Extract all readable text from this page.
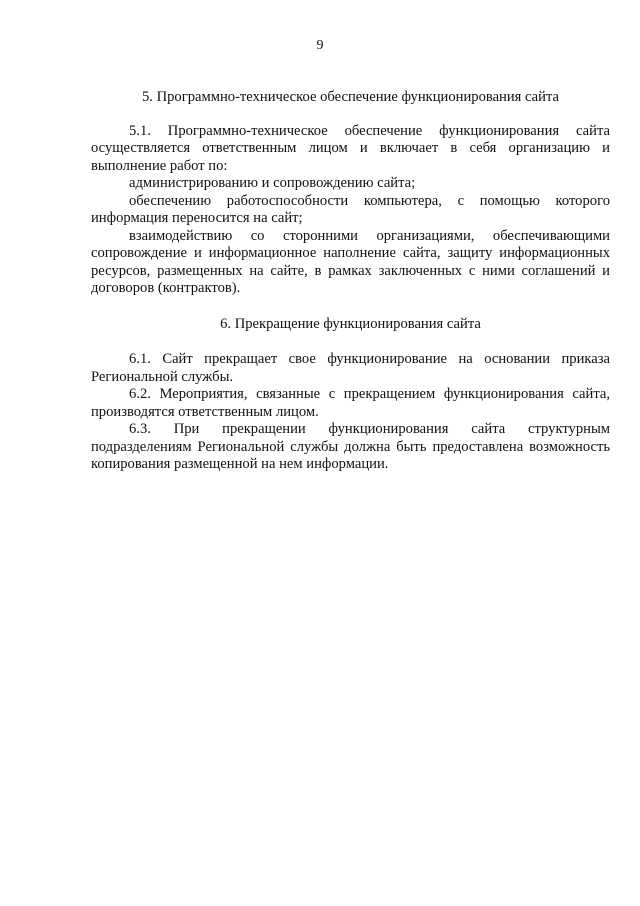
9
5. Программно-техническое обеспечение функционирования сайта

5.1. Программно-техническое обеспечение функционирования сайта осуществляется ответственным лицом и включает в себя организацию и выполнение работ по:

администрированию и сопровождению сайта;

обеспечению работоспособности компьютера, с помощью которого информация переносится на сайт;

взаимодействию со сторонними организациями, обеспечивающими сопровождение и информационное наполнение сайта, защиту информационных ресурсов, размещенных на сайте, в рамках заключенных с ними соглашений и договоров (контрактов).

6. Прекращение функционирования сайта

6.1. Сайт прекращает свое функционирование на основании приказа Региональной службы.

6.2. Мероприятия, связанные с прекращением функционирования сайта, производятся ответственным лицом.

6.3. При прекращении функционирования сайта структурным подразделениям Региональной службы должна быть предоставлена возможность копирования размещенной на нем информации.
